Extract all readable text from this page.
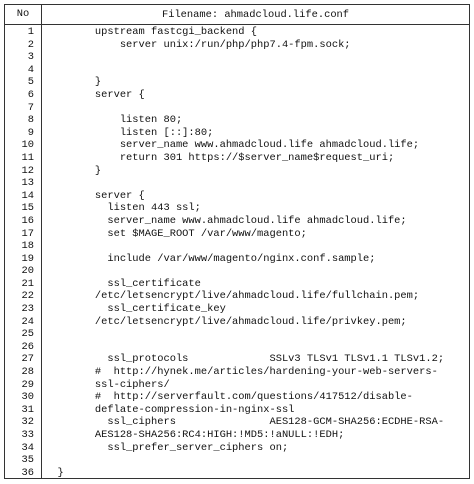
No	Filename: ahmadcloud.life.conf
1
2
3
4
5
6
7
8
9
10
11
12
13
14
15
16
17
18
19
20
21
22
23
24
25
26
27
28
29
30
31
32
33
34
35
36
upstream fastcgi_backend {
server unix:/run/php/php7.4-fpm.sock;
}
server {
listen 80;
listen [::]:80;
server_name www.ahmadcloud.life ahmadcloud.life;
return 301 https://$server_name$request_uri;
}
server {
listen 443 ssl;
server_name www.ahmadcloud.life ahmadcloud.life;
set $MAGE_ROOT /var/www/magento;
include /var/www/magento/nginx.conf.sample;
ssl_certificate
/etc/letsencrypt/live/ahmadcloud.life/fullchain.pem;
ssl_certificate_key
/etc/letsencrypt/live/ahmadcloud.life/privkey.pem;
ssl_protocols             SSLv3 TLSv1 TLSv1.1 TLSv1.2;
#  http://hynek.me/articles/hardening-your-web-servers-
ssl-ciphers/
#  http://serverfault.com/questions/417512/disable-
deflate-compression-in-nginx-ssl
ssl_ciphers               AES128-GCM-SHA256:ECDHE-RSA-
AES128-SHA256:RC4:HIGH:!MD5:!aNULL:!EDH;
ssl_prefer_server_ciphers on;
}
